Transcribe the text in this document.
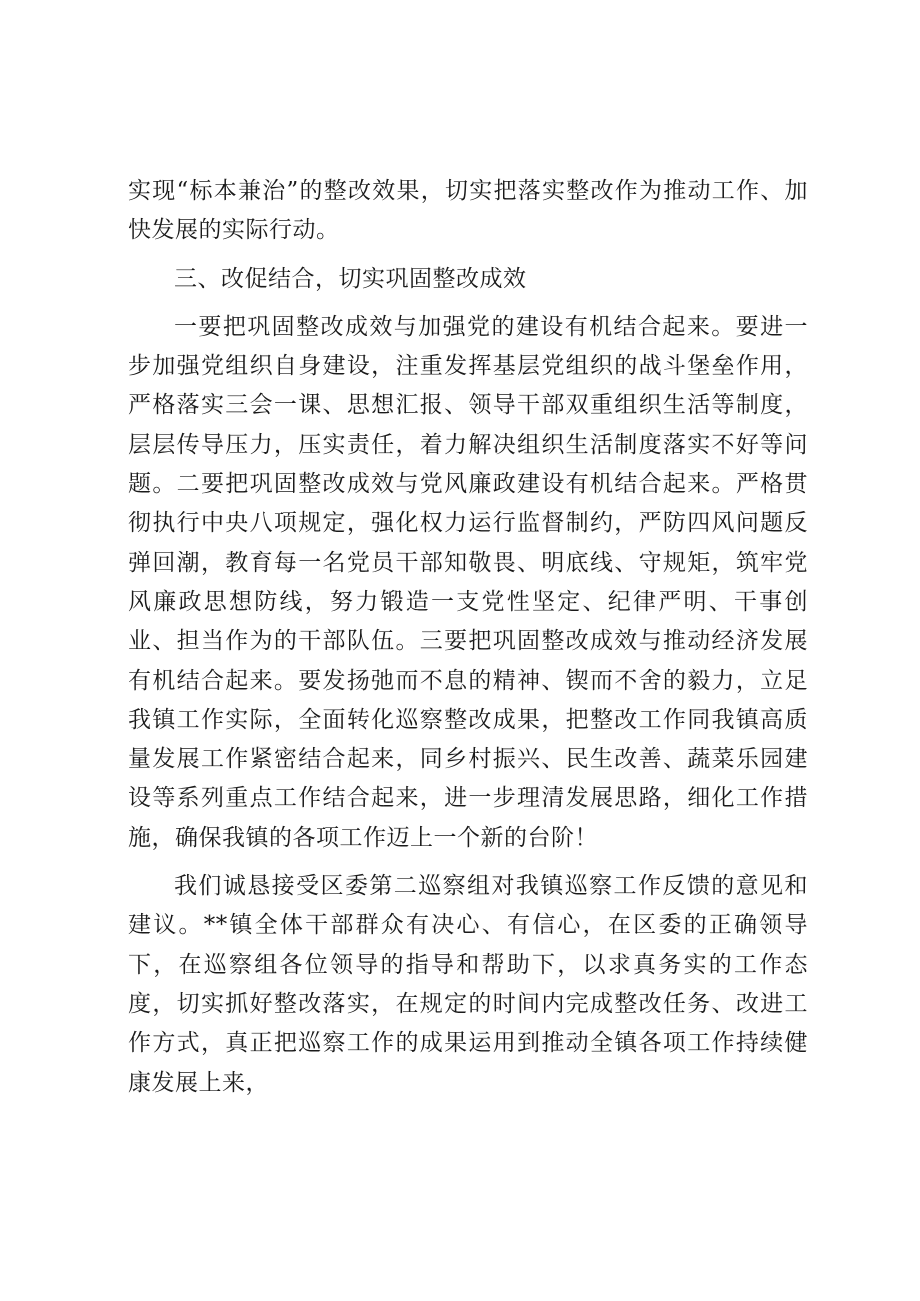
实现“标本兼治”的整改效果，切实把落实整改作为推动工作、加快发展的实际行动。

三、改促结合，切实巩固整改成效

一要把巩固整改成效与加强党的建设有机结合起来。要进一步加强党组织自身建设，注重发挥基层党组织的战斗堡垒作用，严格落实三会一课、思想汇报、领导干部双重组织生活等制度，层层传导压力，压实责任，着力解决组织生活制度落实不好等问题。二要把巩固整改成效与党风廉政建设有机结合起来。严格贯彻执行中央八项规定，强化权力运行监督制约，严防四风问题反弹回潮，教育每一名党员干部知敬畏、明底线、守规矩，筑牢党风廉政思想防线，努力锻造一支党性坚定、纪律严明、干事创业、担当作为的干部队伍。三要把巩固整改成效与推动经济发展有机结合起来。要发扬弛而不息的精神、锲而不舍的毅力，立足我镇工作实际，全面转化巡察整改成果，把整改工作同我镇高质量发展工作紧密结合起来，同乡村振兴、民生改善、蔬菜乐园建设等系列重点工作结合起来，进一步理清发展思路，细化工作措施，确保我镇的各项工作迈上一个新的台阶！

我们诚恳接受区委第二巡察组对我镇巡察工作反馈的意见和建议。**镇全体干部群众有决心、有信心，在区委的正确领导下，在巡察组各位领导的指导和帮助下，以求真务实的工作态度，切实抓好整改落实，在规定的时间内完成整改任务、改进工作方式，真正把巡察工作的成果运用到推动全镇各项工作持续健康发展上来，
